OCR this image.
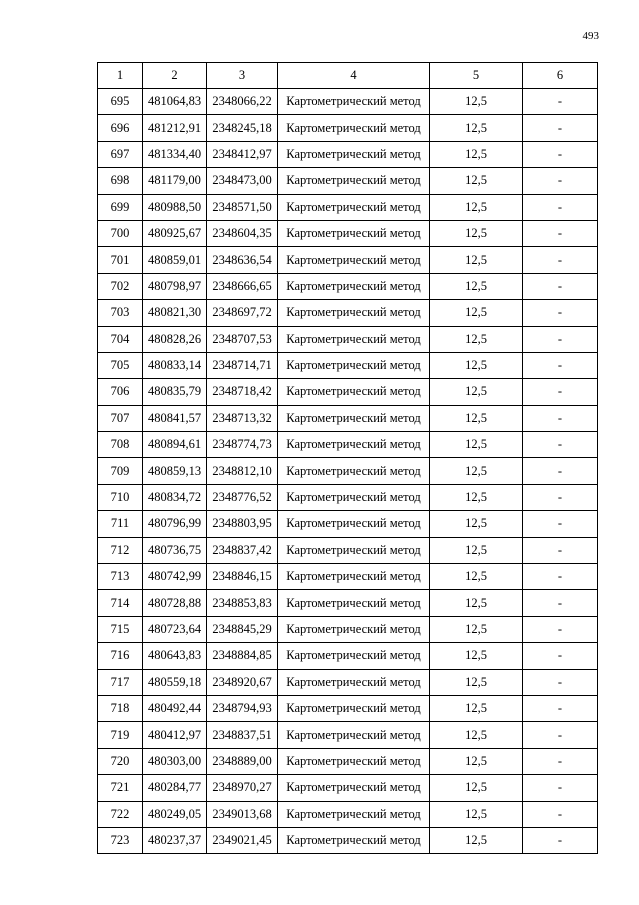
493
1	2	3	4	5	6
695	481064,83	2348066,22	Картометрический метод	12,5	-
696	481212,91	2348245,18	Картометрический метод	12,5	-
697	481334,40	2348412,97	Картометрический метод	12,5	-
698	481179,00	2348473,00	Картометрический метод	12,5	-
699	480988,50	2348571,50	Картометрический метод	12,5	-
700	480925,67	2348604,35	Картометрический метод	12,5	-
701	480859,01	2348636,54	Картометрический метод	12,5	-
702	480798,97	2348666,65	Картометрический метод	12,5	-
703	480821,30	2348697,72	Картометрический метод	12,5	-
704	480828,26	2348707,53	Картометрический метод	12,5	-
705	480833,14	2348714,71	Картометрический метод	12,5	-
706	480835,79	2348718,42	Картометрический метод	12,5	-
707	480841,57	2348713,32	Картометрический метод	12,5	-
708	480894,61	2348774,73	Картометрический метод	12,5	-
709	480859,13	2348812,10	Картометрический метод	12,5	-
710	480834,72	2348776,52	Картометрический метод	12,5	-
711	480796,99	2348803,95	Картометрический метод	12,5	-
712	480736,75	2348837,42	Картометрический метод	12,5	-
713	480742,99	2348846,15	Картометрический метод	12,5	-
714	480728,88	2348853,83	Картометрический метод	12,5	-
715	480723,64	2348845,29	Картометрический метод	12,5	-
716	480643,83	2348884,85	Картометрический метод	12,5	-
717	480559,18	2348920,67	Картометрический метод	12,5	-
718	480492,44	2348794,93	Картометрический метод	12,5	-
719	480412,97	2348837,51	Картометрический метод	12,5	-
720	480303,00	2348889,00	Картометрический метод	12,5	-
721	480284,77	2348970,27	Картометрический метод	12,5	-
722	480249,05	2349013,68	Картометрический метод	12,5	-
723	480237,37	2349021,45	Картометрический метод	12,5	-
